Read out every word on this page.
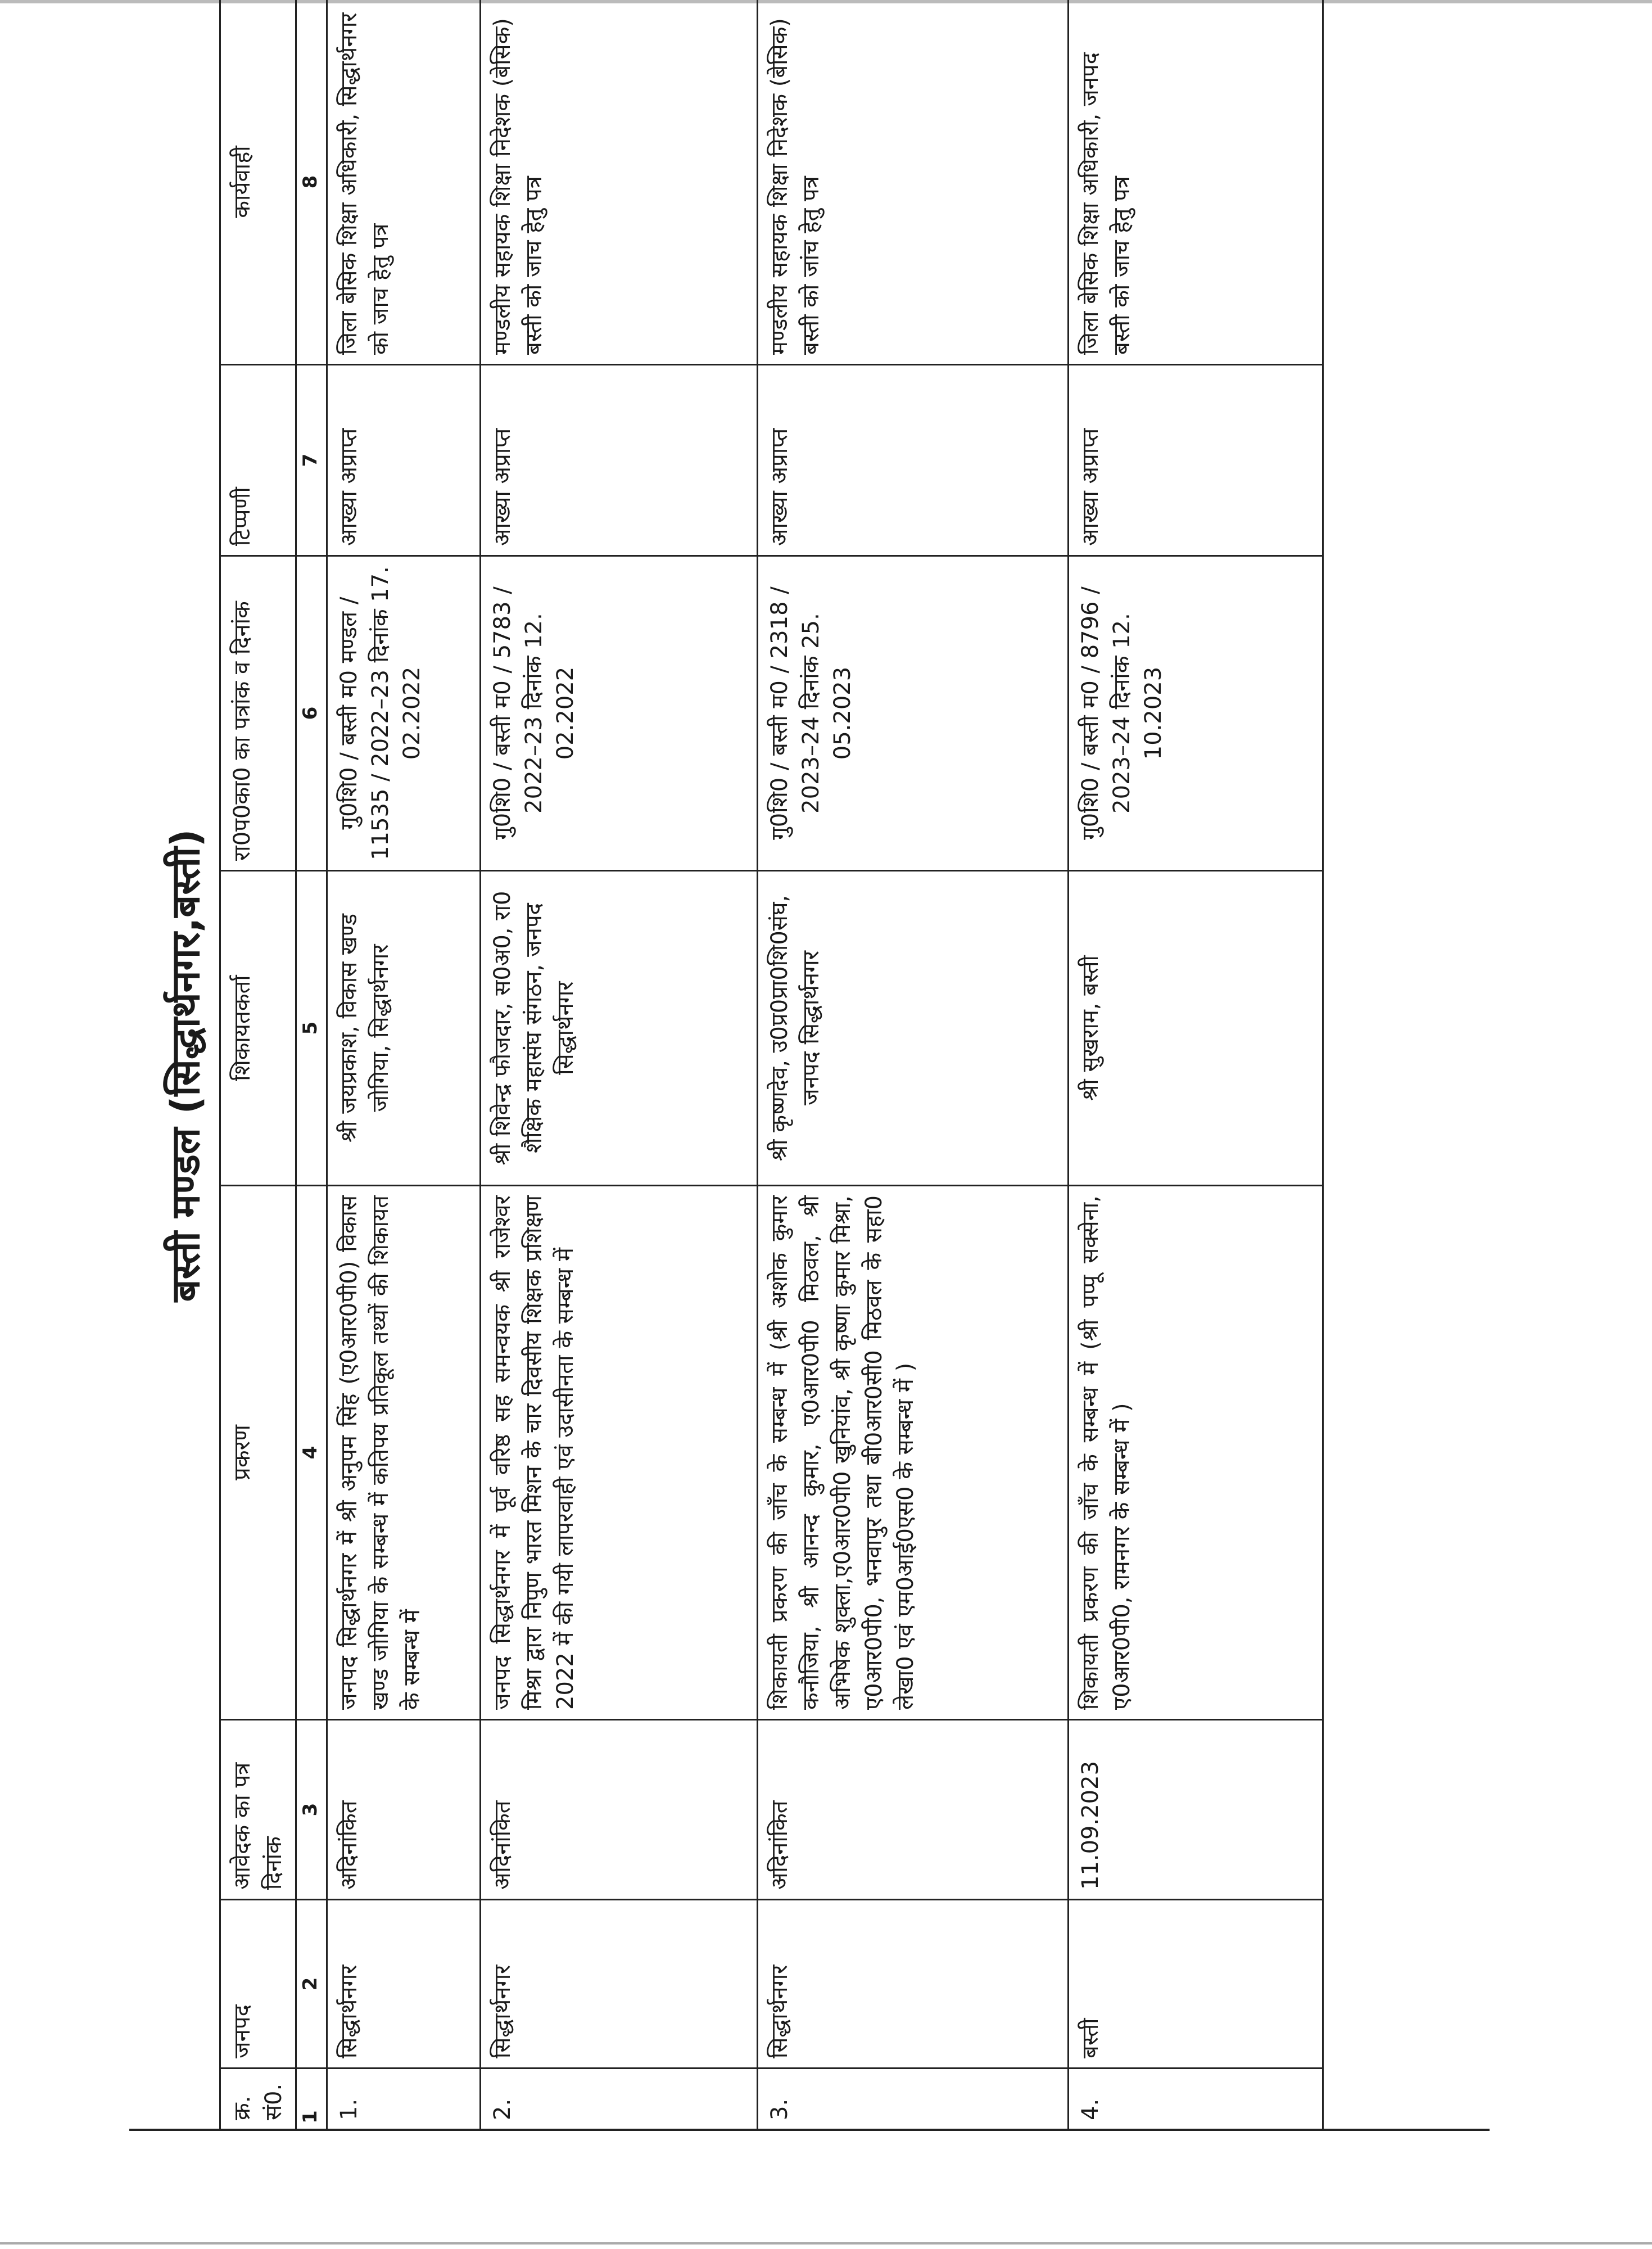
बस्ती मण्डल (सिद्धार्थनगर,बस्ती)
क्र. सं0.	जनपद	आवेदक का पत्र दिनांक	प्रकरण	शिकायतकर्ता	रा0प0का0 का पत्रांक व दिनांक	टिप्पणी	कार्यवाही
1	2	3	4	5	6	7	8
1.	सिद्धार्थनगर	अदिनांकित	जनपद सिद्धार्थनगर में श्री अनुपम सिंह (ए0आर0पी0) विकास खण्ड जोगिया के सम्बन्ध में कतिपय प्रतिकूल तथ्यों की शिकायत के सम्बन्ध में	श्री जयप्रकाश, विकास खण्ड जोगिया, सिद्धार्थनगर	गु0शि0 / बस्ती म0 मण्डल / 11535 / 2022–23 दिनांक 17. 02.2022	आख्या अप्राप्त	जिला बेसिक शिक्षा अधिकारी, सिद्धार्थनगर को जाच हेतु पत्र
2.	सिद्धार्थनगर	अदिनांकित	जनपद सिद्धार्थनगर में पूर्व वरिष्ठ सह समन्वयक श्री राजेश्वर मिश्रा द्वारा निपुण भारत मिशन के चार दिवसीय शिक्षक प्रशिक्षण 2022 में की गयी लापरवाही एवं उदासीनता के सम्बन्ध में	श्री शिवेन्द्र फौजदार, स0अ0, रा0 शैक्षिक महासंघ संगठन, जनपद सिद्धार्थनगर	गु0शि0 / बस्ती म0 / 5783 / 2022–23 दिनांक 12. 02.2022	आख्या अप्राप्त	मण्डलीय सहायक शिक्षा निदेशक (बेसिक) बस्ती को जाच हेतु पत्र
3.	सिद्धार्थनगर	अदिनांकित	शिकायती प्रकरण की जाँच के सम्बन्ध में (श्री अशोक कुमार कनौजिया, श्री आनन्द कुमार, ए0आर0पी0 मिठवल, श्री अभिषेक शुक्ला,ए0आर0पी0 खुनियांव, श्री कृष्णा कुमार मिश्रा, ए0आर0पी0, भनवापुर तथा बी0आर0सी0 मिठवल के सहा0 लेखा0 एवं एम0आई0एस0 के सम्बन्ध में )	श्री कृष्णदेव, उ0प्र0प्रा0शि0संघ, जनपद सिद्धार्थनगर	गु0शि0 / बस्ती म0 / 2318 / 2023–24 दिनांक 25. 05.2023	आख्या अप्राप्त	मण्डलीय सहायक शिक्षा निदेशक (बेसिक) बस्ती को जांच हेतु पत्र
4.	बस्ती	11.09.2023	शिकायती प्रकरण की जाँच के सम्बन्ध में (श्री पप्पू सक्सेना, ए0आर0पी0, रामनगर के सम्बन्ध में )	श्री सुखराम, बस्ती	गु0शि0 / बस्ती म0 / 8796 / 2023–24 दिनांक 12. 10.2023	आख्या अप्राप्त	जिला बेसिक शिक्षा अधिकारी, जनपद बस्ती को जाच हेतु पत्र
